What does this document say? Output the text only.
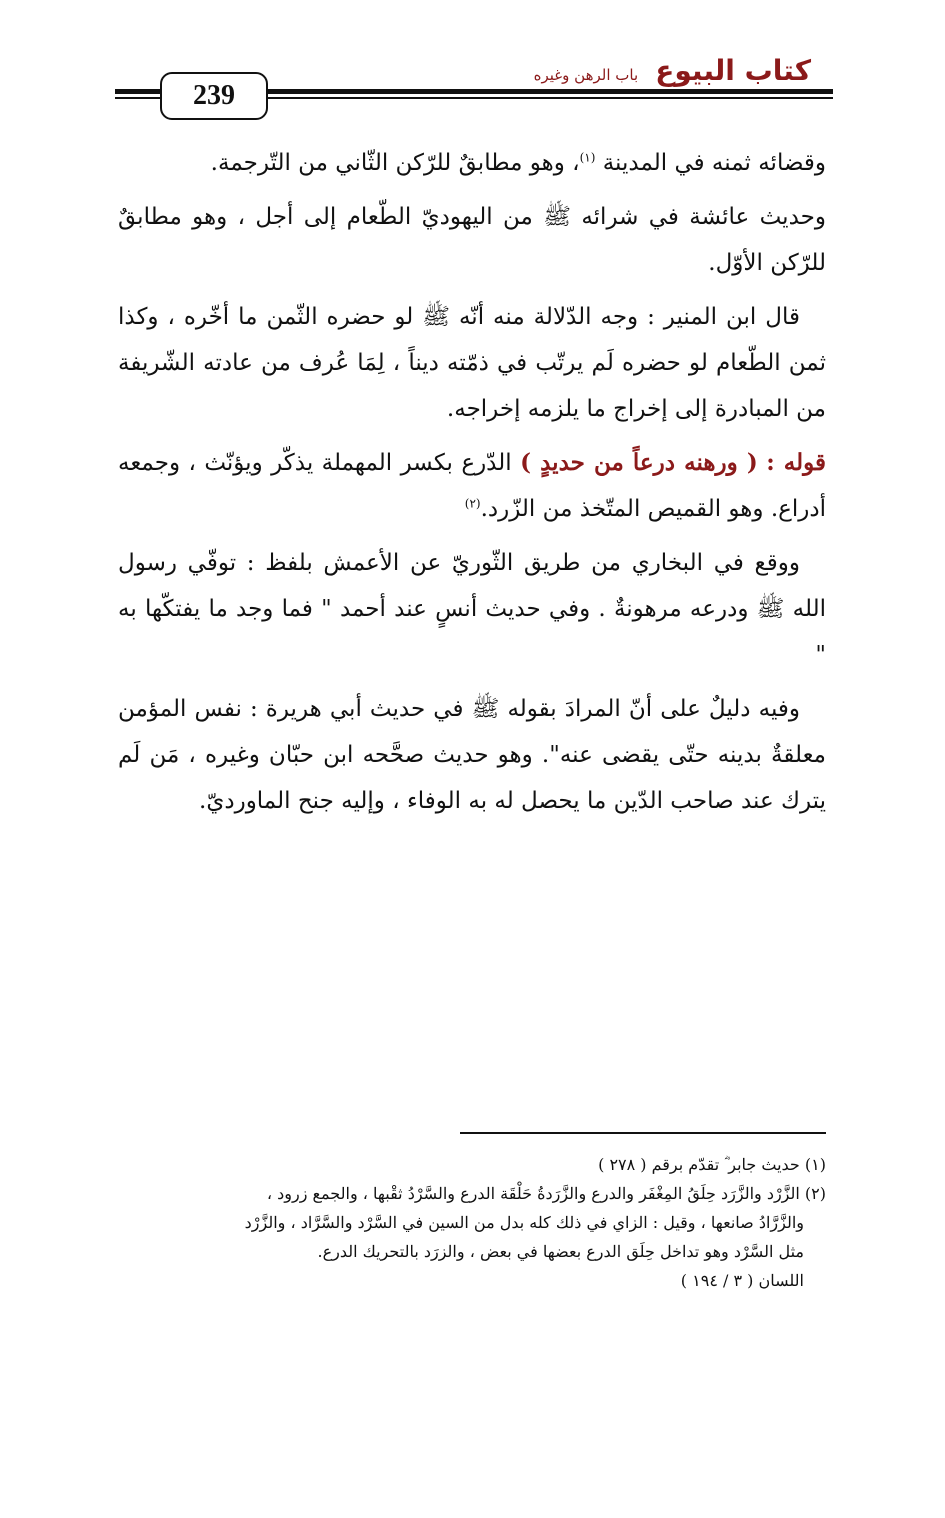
كتاب البيوع باب الرهن وغيره
239

وقضائه ثمنه في المدينة $^{(١)}$، وهو مطابقٌ للرّكن الثّاني من التّرجمة.

وحديث عائشة في شرائه ﷺ من اليهوديّ الطّعام إلى أجل ، وهو مطابقٌ للرّكن الأوّل.

قال ابن المنير : وجه الدّلالة منه أنّه ﷺ لو حضره الثّمن ما أخّره ، وكذا ثمن الطّعام لو حضره لَم يرتّب في ذمّته ديناً ، لِمَا عُرف من عادته الشّريفة من المبادرة إلى إخراج ما يلزمه إخراجه.

قوله : ( ورهنه درعاً من حديدٍ ) الدّرع بكسر المهملة يذكّر ويؤنّث ، وجمعه أدراع. وهو القميص المتّخذ من الزّرد.$^{(٢)}$

ووقع في البخاري من طريق الثّوريّ عن الأعمش بلفظ : توفّي رسول الله ﷺ ودرعه مرهونةٌ . وفي حديث أنسٍ عند أحمد " فما وجد ما يفتكّها به "

وفيه دليلٌ على أنّ المرادَ بقوله ﷺ في حديث أبي هريرة : نفس المؤمن معلقةٌ بدينه حتّى يقضى عنه". وهو حديث صحَّحه ابن حبّان وغيره ، مَن لَم يترك عند صاحب الدّين ما يحصل له به الوفاء ، وإليه جنح الماورديّ.

(١) حديث جابر ؓ تقدّم برقم ( ٢٧٨ )

(٢) الزَّرْد والزَّرَد حِلَقُ المِغْفَر والدرع والزَّرَدةُ حَلْقَة الدرع والسَّرْدُ ثقْبها ، والجمع زرود ،

والزَّرَّادُ صانعها ، وقيل : الزاي في ذلك كله بدل من السين في السَّرْد والسَّرَّاد ، والزَّرْد

مثل السَّرْد وهو تداخل حِلَق الدرع بعضها في بعض ، والزرَد بالتحريك الدرع.

اللسان ( ٣ / ١٩٤ )
